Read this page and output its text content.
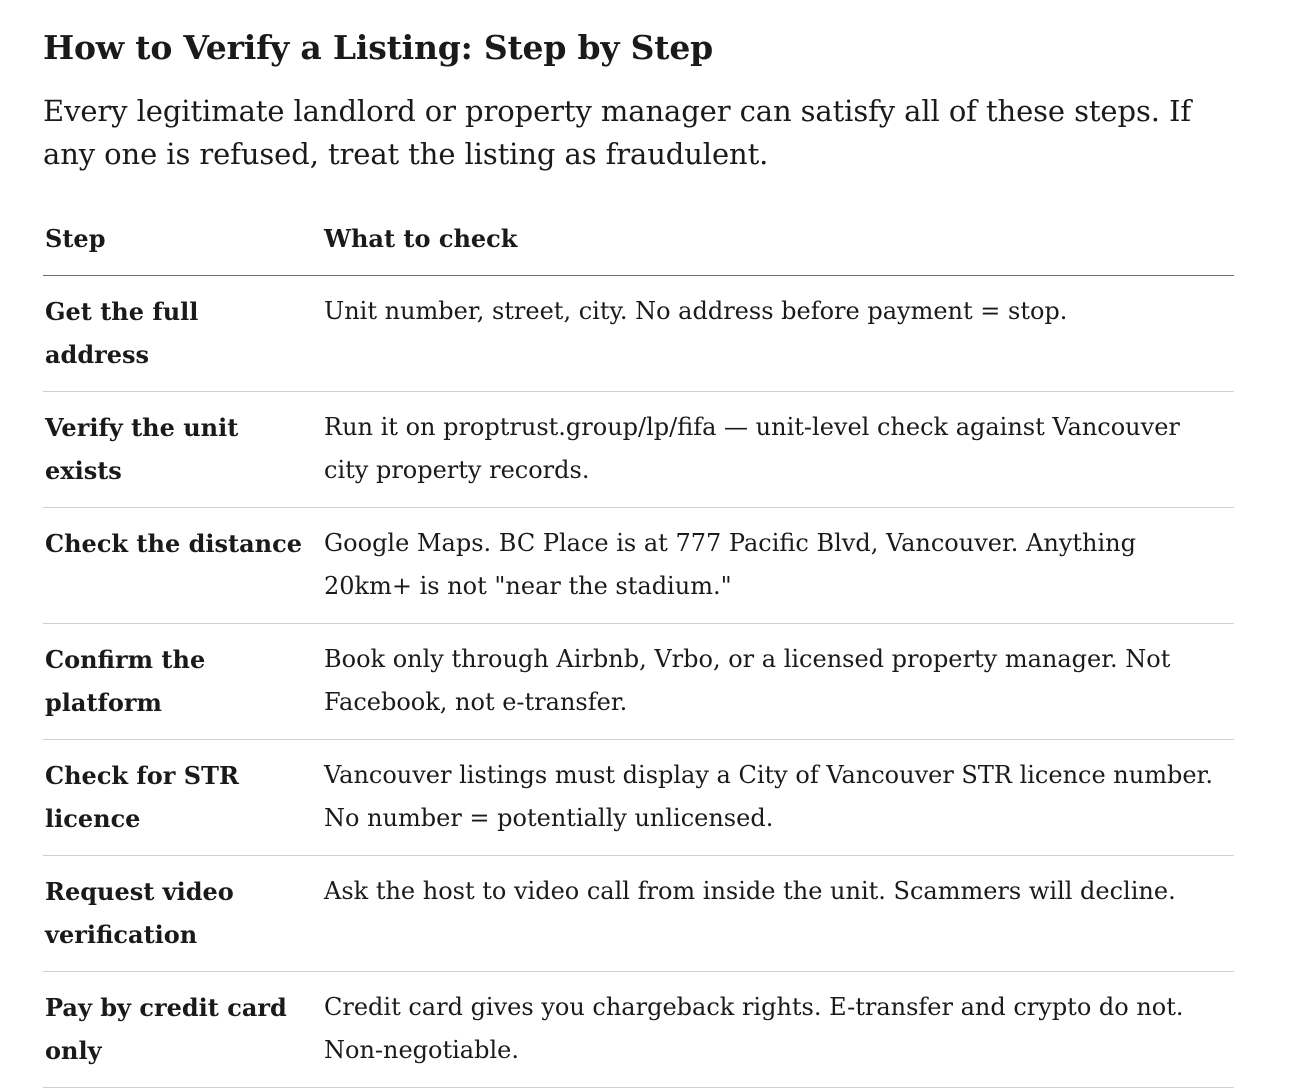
How to Verify a Listing: Step by Step

Every legitimate landlord or property manager can satisfy all of these steps. If any one is refused, treat the listing as fraudulent.

Step	What to check
Get the full address	Unit number, street, city. No address before payment = stop.
Verify the unit exists	Run it on proptrust.group/lp/fifa — unit-level check against Vancouver city property records.
Check the distance	Google Maps. BC Place is at 777 Pacific Blvd, Vancouver. Anything 20km+ is not "near the stadium."
Confirm the platform	Book only through Airbnb, Vrbo, or a licensed property manager. Not Facebook, not e-transfer.
Check for STR licence	Vancouver listings must display a City of Vancouver STR licence number. No number = potentially unlicensed.
Request video verification	Ask the host to video call from inside the unit. Scammers will decline.
Pay by credit card only	Credit card gives you chargeback rights. E-transfer and crypto do not. Non-negotiable.
